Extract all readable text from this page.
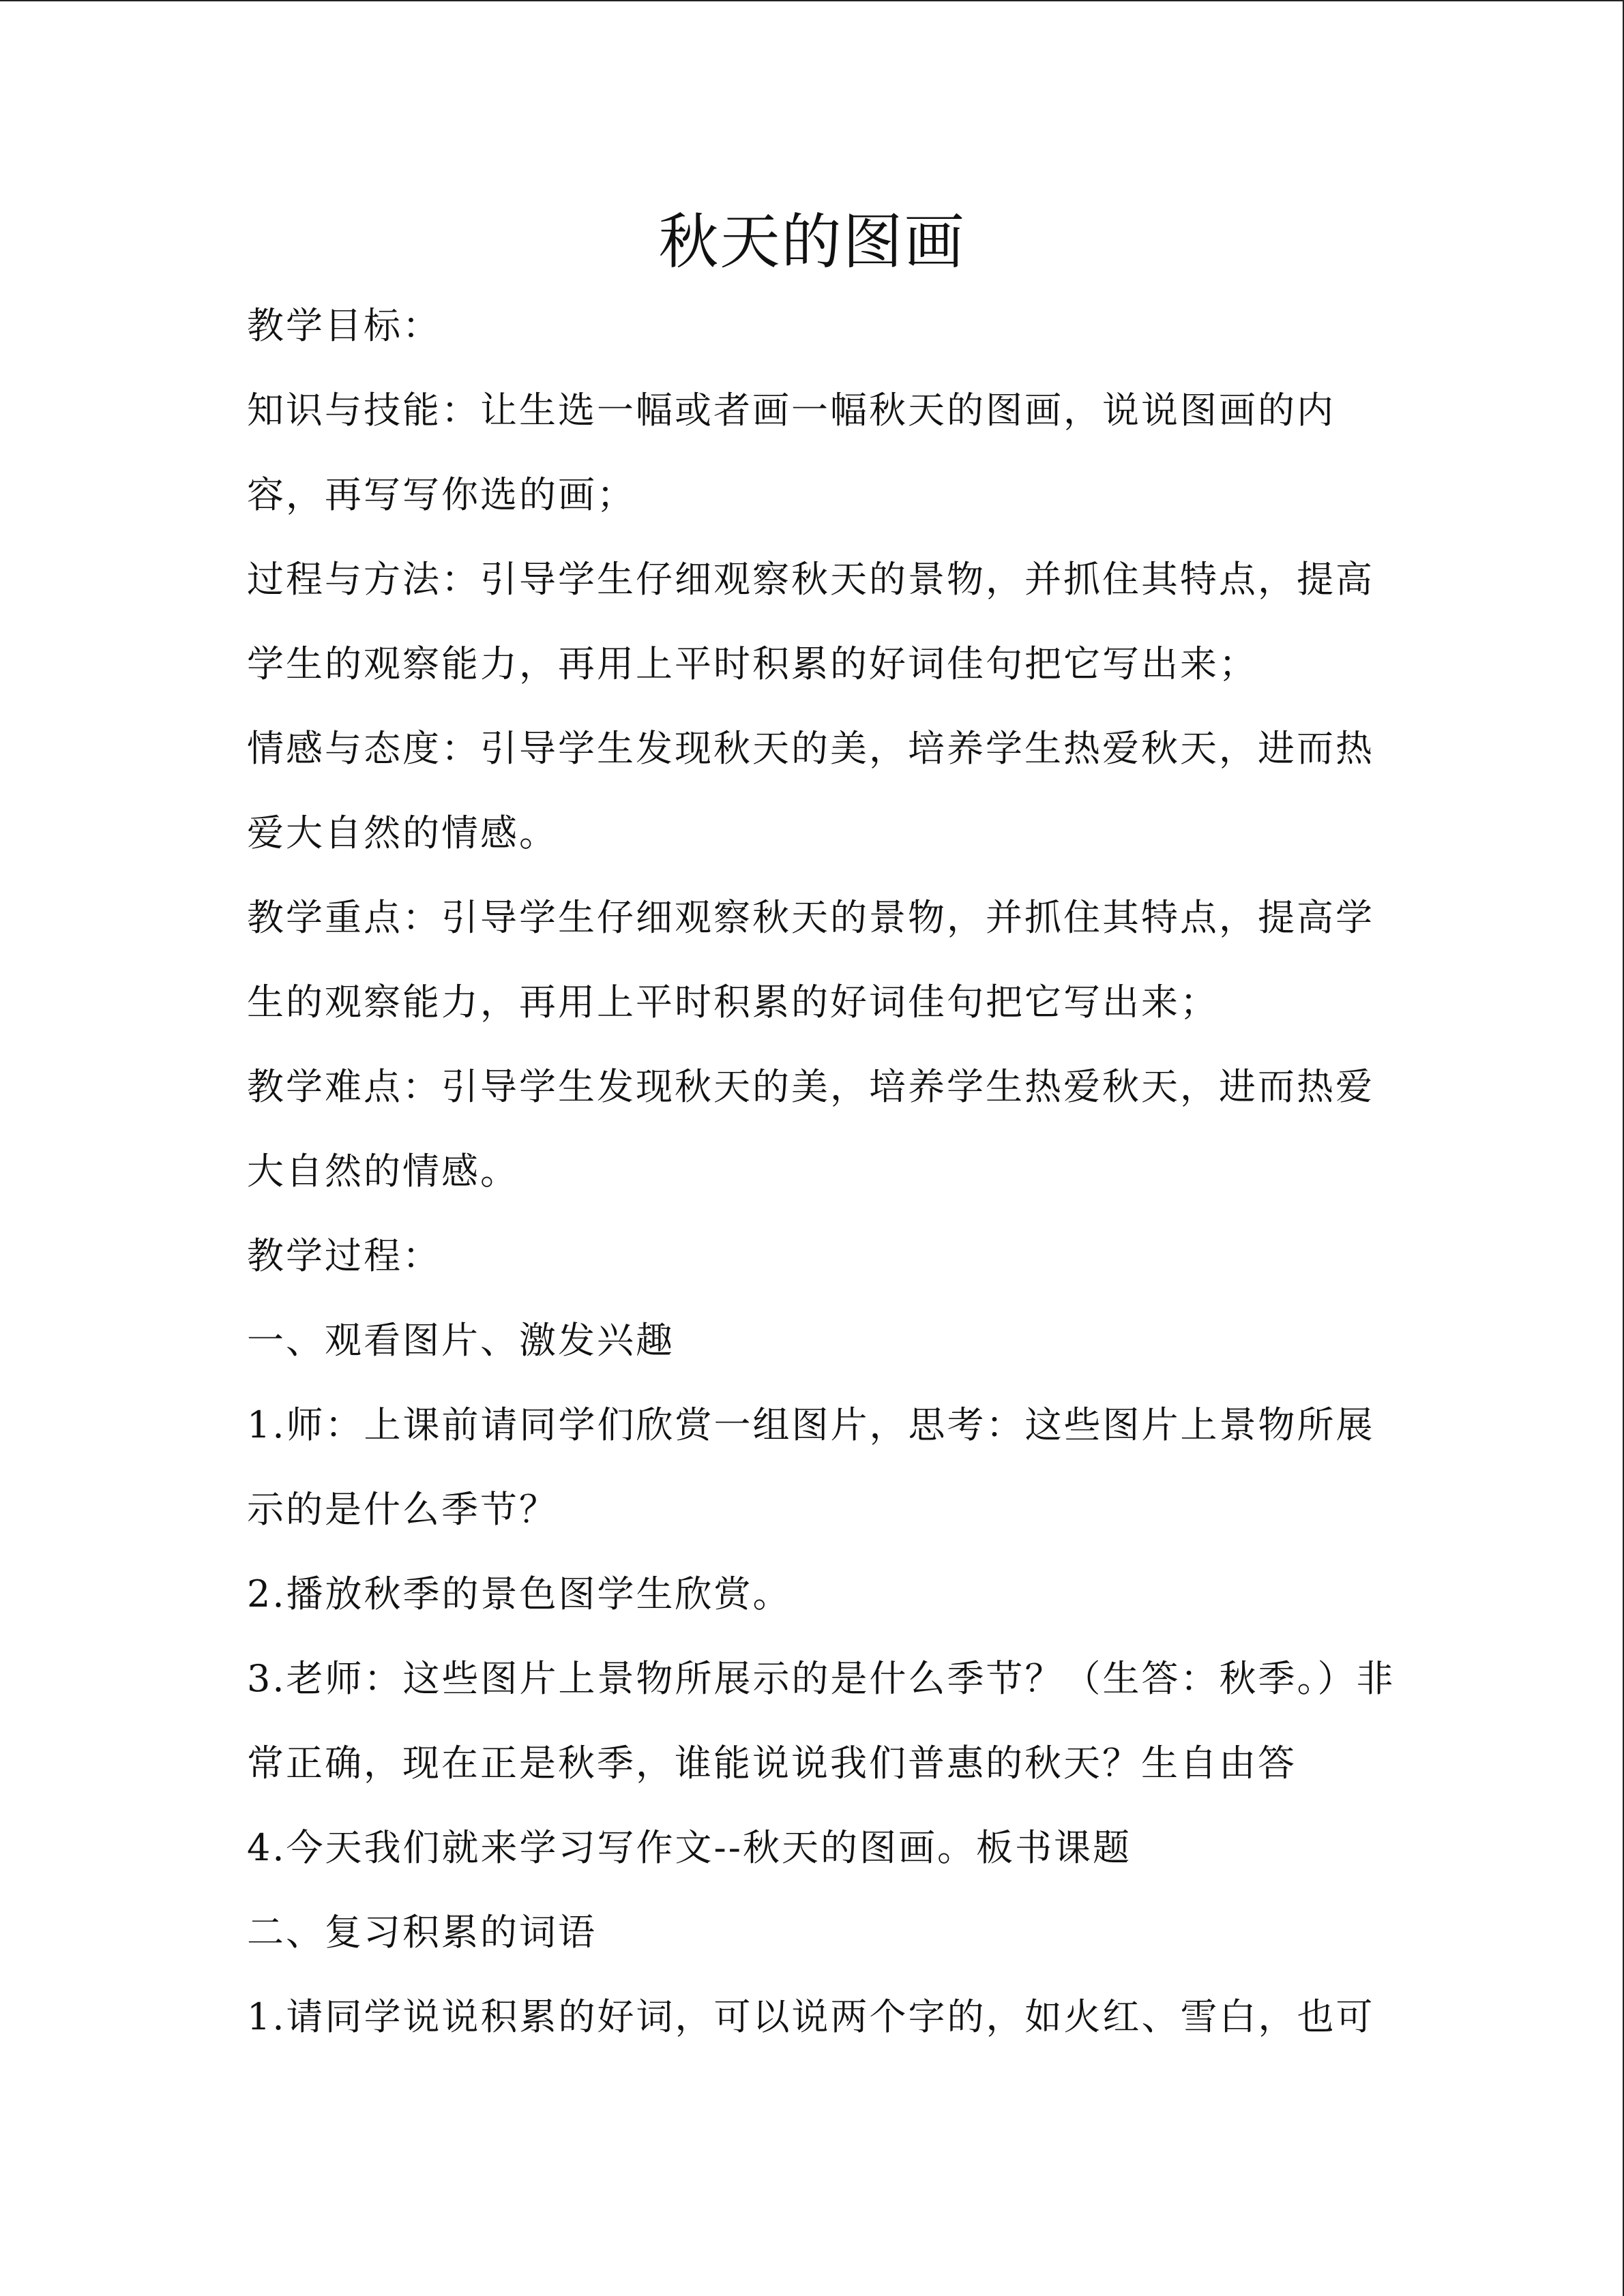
秋天的图画
教学目标：
知识与技能：让生选一幅或者画一幅秋天的图画，说说图画的内
容，再写写你选的画；
过程与方法：引导学生仔细观察秋天的景物，并抓住其特点，提高
学生的观察能力，再用上平时积累的好词佳句把它写出来；
情感与态度：引导学生发现秋天的美，培养学生热爱秋天，进而热
爱大自然的情感。
教学重点：引导学生仔细观察秋天的景物，并抓住其特点，提高学
生的观察能力，再用上平时积累的好词佳句把它写出来；
教学难点：引导学生发现秋天的美，培养学生热爱秋天，进而热爱
大自然的情感。
教学过程：
一、观看图片、激发兴趣
1.师：上课前请同学们欣赏一组图片，思考：这些图片上景物所展
示的是什么季节？
2.播放秋季的景色图学生欣赏。
3.老师：这些图片上景物所展示的是什么季节？（生答：秋季。）非
常正确，现在正是秋季，谁能说说我们普惠的秋天？生自由答
4.今天我们就来学习写作文--秋天的图画。板书课题
二、复习积累的词语
1.请同学说说积累的好词，可以说两个字的，如火红、雪白，也可
